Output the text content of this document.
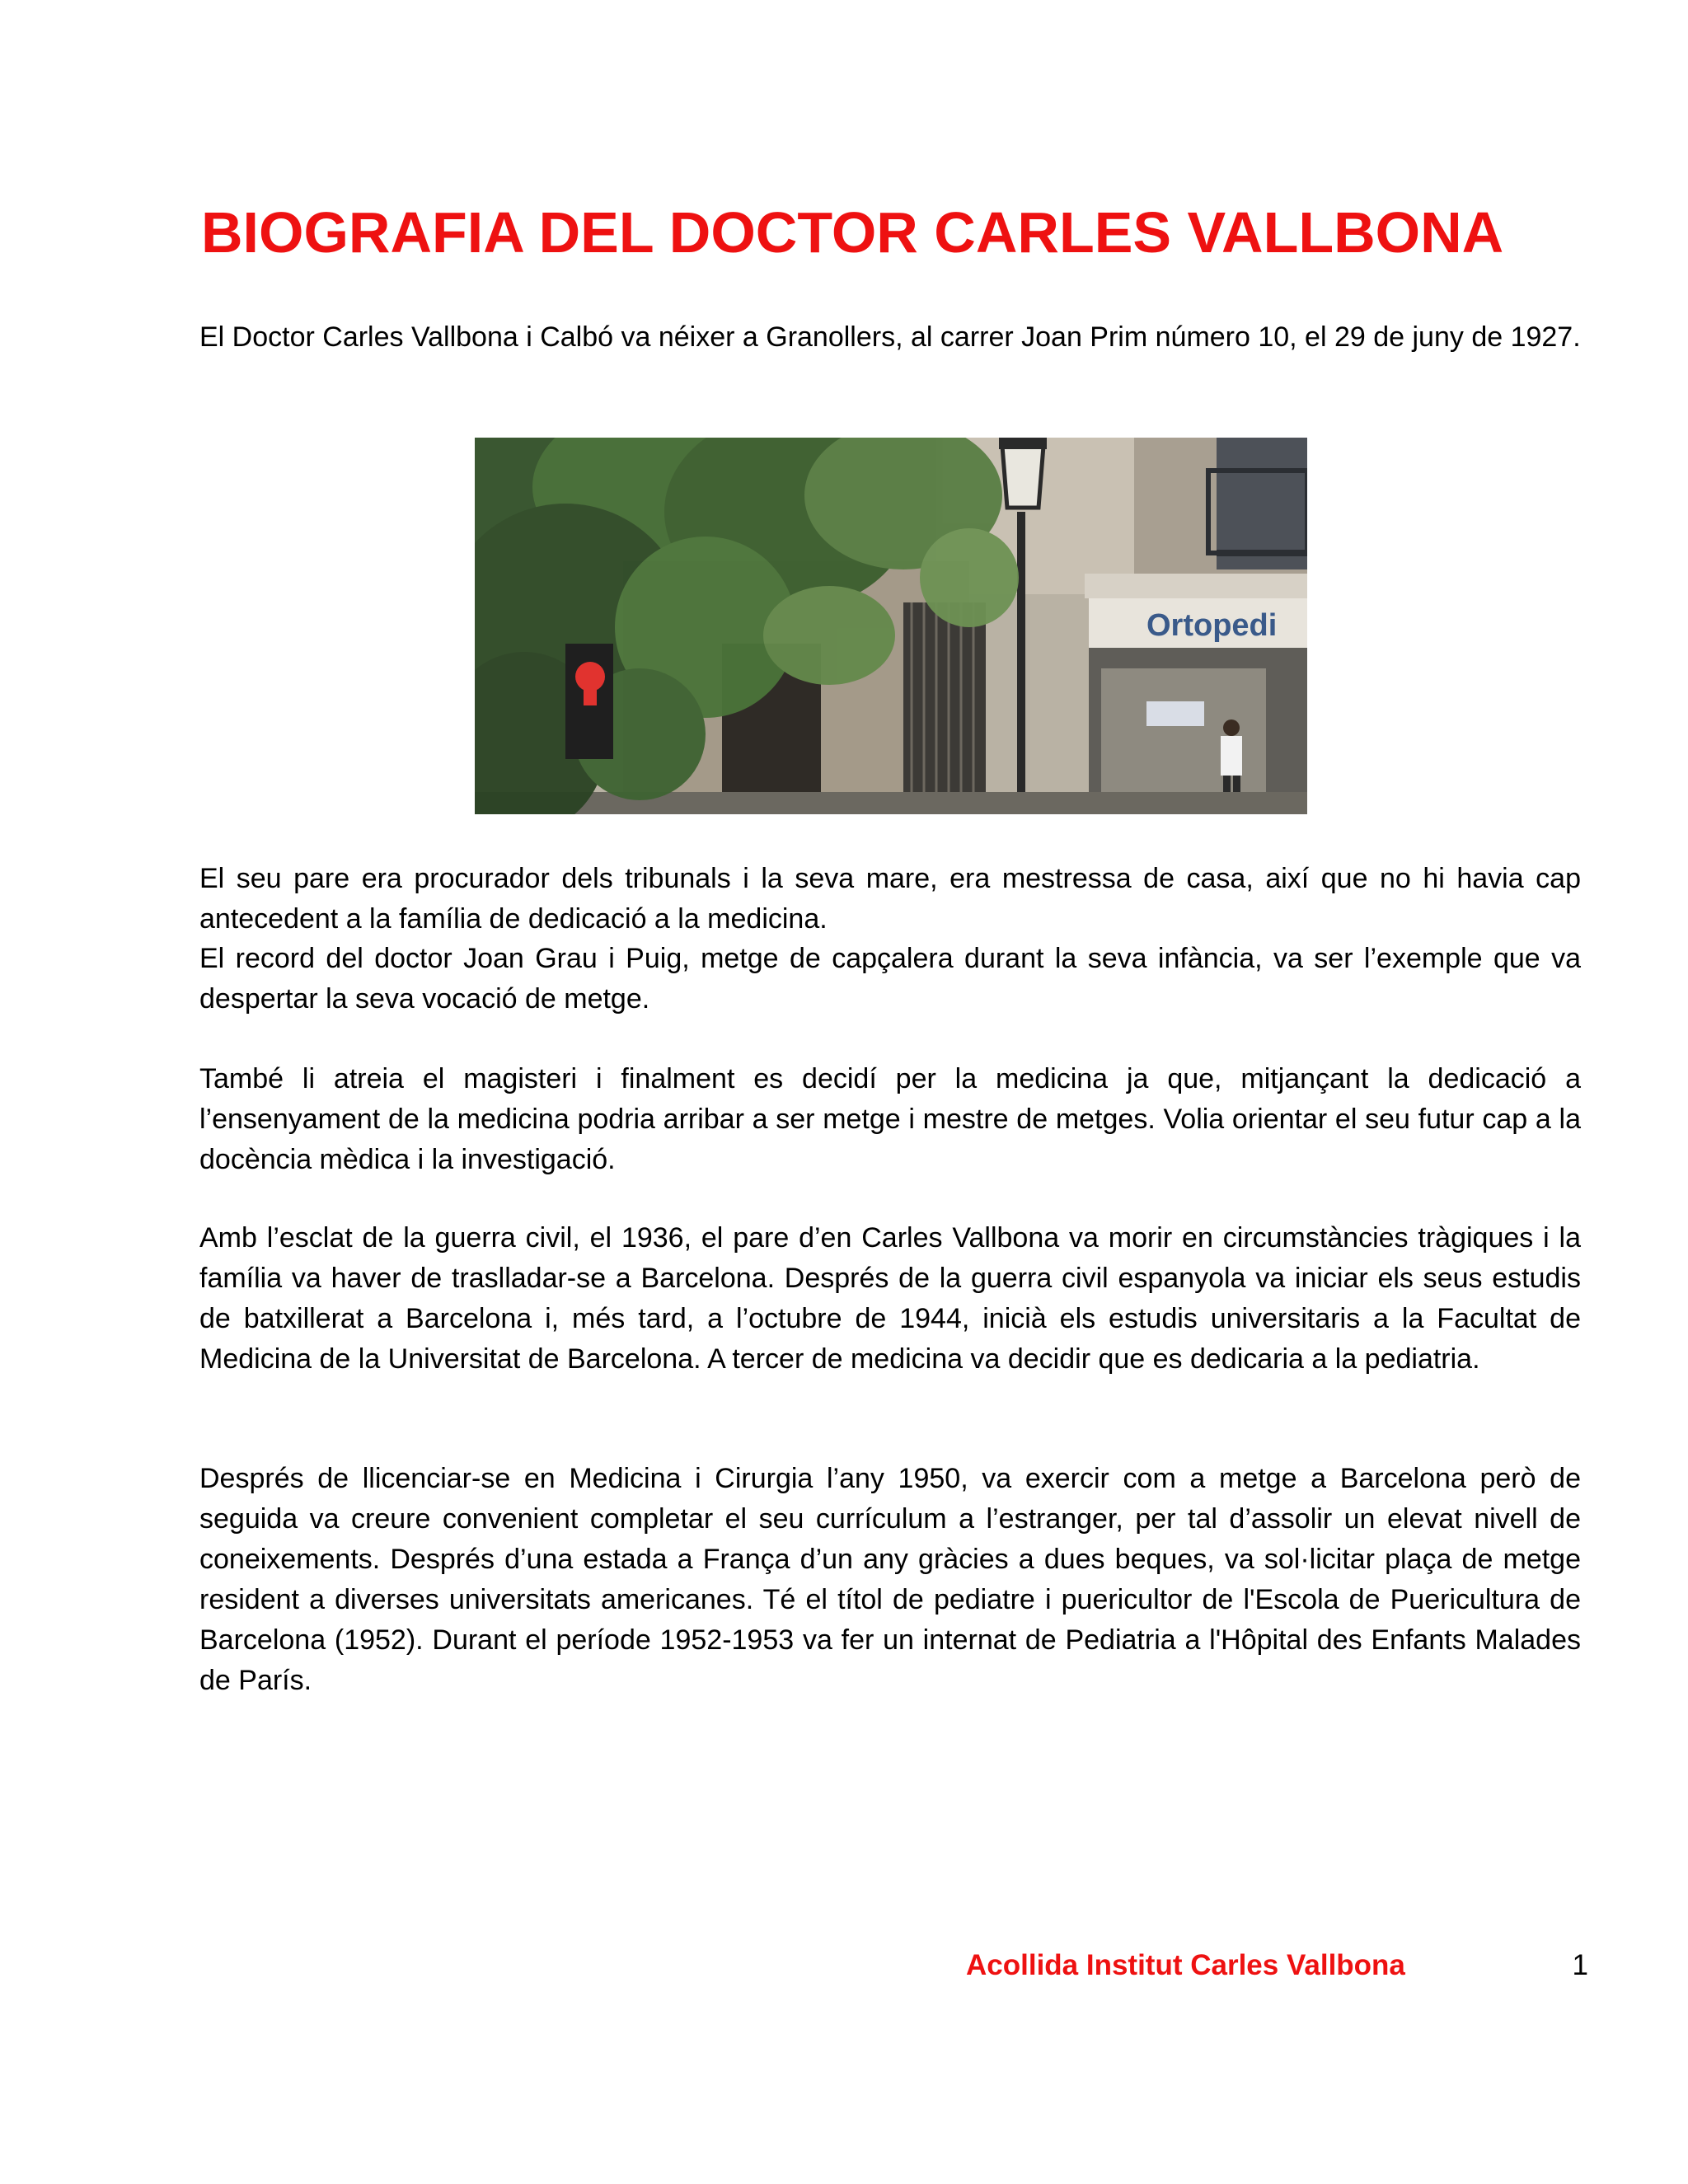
BIOGRAFIA DEL DOCTOR CARLES VALLBONA

El Doctor Carles Vallbona i Calbó va néixer a Granollers, al carrer Joan Prim número 10, el 29 de juny de 1927.

Ortopedi

El seu pare era procurador dels tribunals i la seva mare, era mestressa de casa, així que no hi havia cap antecedent a la família de dedicació a la medicina.

El record del doctor Joan Grau i Puig, metge de capçalera durant la seva infància, va ser l’exemple que va despertar la seva vocació de metge.

També li atreia el magisteri i finalment es decidí per la medicina ja que, mitjançant la dedicació a l’ensenyament de la medicina podria arribar a ser metge i mestre de metges. Volia orientar el seu futur cap a la docència mèdica i la investigació.

Amb l’esclat de la guerra civil, el 1936, el pare d’en Carles Vallbona va morir en circumstàncies tràgiques i la família va haver de traslladar-se a Barcelona. Després de la guerra civil espanyola va iniciar els seus estudis de batxillerat a Barcelona i, més tard, a l’octubre de 1944, inicià els estudis universitaris a la Facultat de Medicina de la Universitat de Barcelona. A tercer de medicina va decidir que es dedicaria a la pediatria.

Després de llicenciar-se en Medicina i Cirurgia l’any 1950, va exercir com a metge a Barcelona però de seguida va creure convenient completar el seu currículum a l’estranger, per tal d’assolir un elevat nivell de coneixements. Després d’una estada a França d’un any gràcies a dues beques, va sol·licitar plaça de metge resident a diverses universitats americanes. Té el títol de pediatre i puericultor de l'Escola de Puericultura de Barcelona (1952). Durant el període 1952-1953 va fer un internat de Pediatria a l'Hôpital des Enfants Malades de París.

Acollida Institut Carles Vallbona	1
